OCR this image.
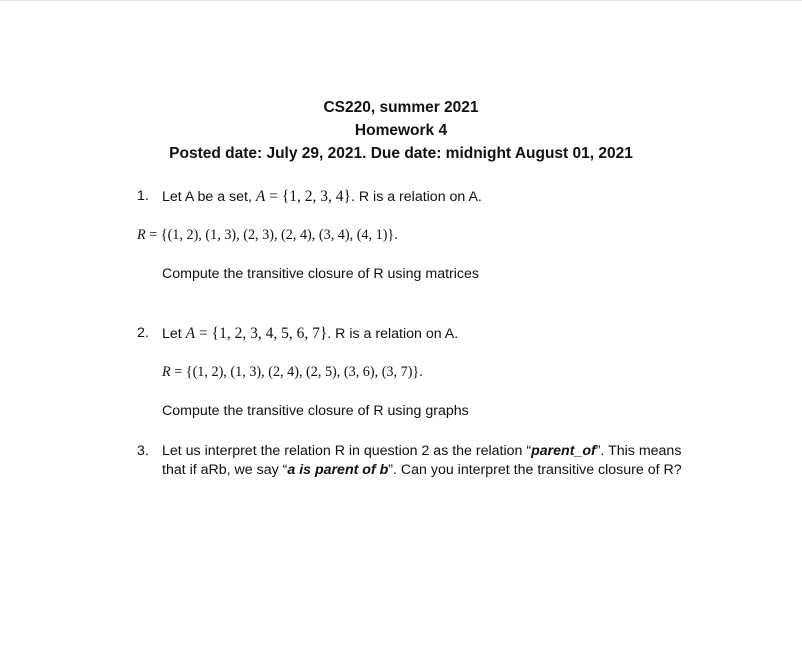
CS220, summer 2021
Homework 4
Posted date: July 29, 2021. Due date: midnight August 01, 2021
1. Let A be a set, A = {1, 2, 3, 4}. R is a relation on A.
R = {(1, 2), (1, 3), (2, 3), (2, 4), (3, 4), (4, 1)}.
Compute the transitive closure of R using matrices
2. Let A = {1, 2, 3, 4, 5, 6, 7}. R is a relation on A.
R = {(1, 2), (1, 3), (2, 4), (2, 5), (3, 6), (3, 7)}.
Compute the transitive closure of R using graphs
3. Let us interpret the relation R in question 2 as the relation “parent_of”. This means
that if aRb, we say “a is parent of b”. Can you interpret the transitive closure of R?
